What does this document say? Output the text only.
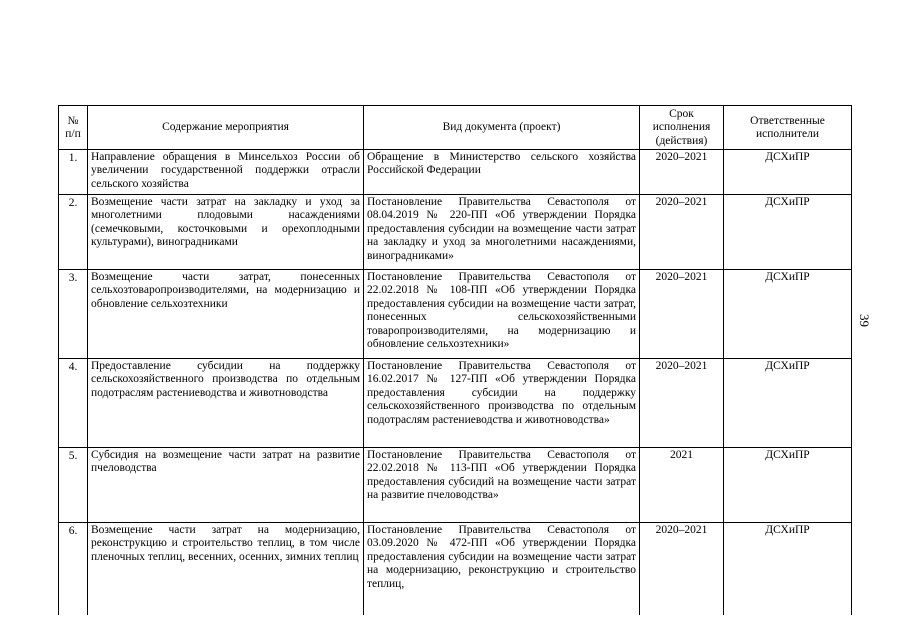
39
№ п/п	Содержание мероприятия	Вид документа (проект)	Срок исполнения (действия)	Ответственные исполнители
1.	Направление обращения в Минсельхоз России об увеличении государственной поддержки отрасли сельского хозяйства	Обращение в Министерство сельского хозяйства Российской Федерации	2020–2021	ДСХиПР
2.	Возмещение части затрат на закладку и уход за многолетними плодовыми насаждениями (семечковыми, косточковыми и орехоплодными культурами), виноградниками	Постановление Правительства Севастополя от 08.04.2019 № 220-ПП «Об утверждении Порядка предоставления субсидии на возмещение части затрат на закладку и уход за многолетними насаждениями, виноградниками»	2020–2021	ДСХиПР
3.	Возмещение части затрат, понесенных сельхозтоваропроизводителями, на модернизацию и обновление сельхозтехники	Постановление Правительства Севастополя от 22.02.2018 № 108-ПП «Об утверждении Порядка предоставления субсидии на возмещение части затрат, понесенных сельскохозяйственными товаропроизводителями, на модернизацию и обновление сельхозтехники»	2020–2021	ДСХиПР
4.	Предоставление субсидии на поддержку сельскохозяйственного производства по отдельным подотраслям растениеводства и животноводства	Постановление Правительства Севастополя от 16.02.2017 № 127-ПП «Об утверждении Порядка предоставления субсидии на поддержку сельскохозяйственного производства по отдельным подотраслям растениеводства и животноводства»	2020–2021	ДСХиПР
5.	Субсидия на возмещение части затрат на развитие пчеловодства	Постановление Правительства Севастополя от 22.02.2018 № 113-ПП «Об утверждении Порядка предоставления субсидий на возмещение части затрат на развитие пчеловодства»	2021	ДСХиПР
6.	Возмещение части затрат на модернизацию, реконструкцию и строительство теплиц, в том числе пленочных теплиц, весенних, осенних, зимних теплиц	Постановление Правительства Севастополя от 03.09.2020 № 472-ПП «Об утверждении Порядка предоставления субсидии на возмещение части затрат на модернизацию, реконструкцию и строительство теплиц,	2020–2021	ДСХиПР
